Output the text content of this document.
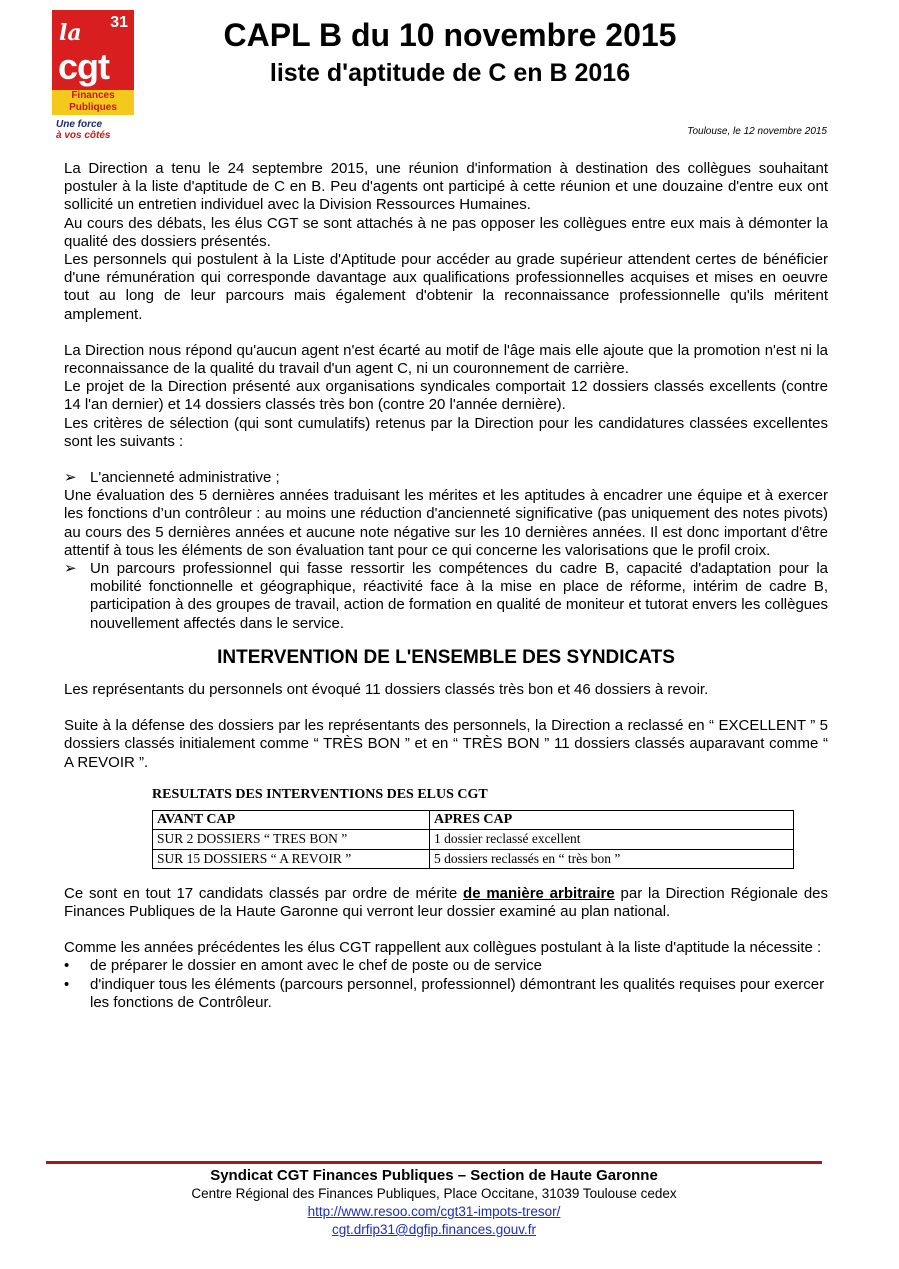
la 31
cgt
Finances
Publiques
Une force
à vos côtés
CAPL B du 10 novembre 2015
liste d'aptitude de C en B 2016
Toulouse, le 12 novembre 2015

La Direction a tenu le 24 septembre 2015, une réunion d'information à destination des collègues souhaitant postuler à la liste d'aptitude de C en B. Peu d'agents ont participé à cette réunion et une douzaine d'entre eux ont sollicité un entretien individuel avec la Division Ressources Humaines.

Au cours des débats, les élus CGT se sont attachés à ne pas opposer les collègues entre eux mais à démonter la qualité des dossiers présentés.

Les personnels qui postulent à la Liste d'Aptitude pour accéder au grade supérieur attendent certes de bénéficier d'une rémunération qui corresponde davantage aux qualifications professionnelles acquises et mises en oeuvre tout au long de leur parcours mais également d'obtenir la reconnaissance professionnelle qu'ils méritent amplement.

La Direction nous répond qu'aucun agent n'est écarté au motif de l'âge mais elle ajoute que la promotion n'est ni la reconnaissance de la qualité du travail d'un agent C, ni un couronnement de carrière.

Le projet de la Direction présenté aux organisations syndicales comportait 12 dossiers classés excellents (contre 14 l'an dernier) et 14 dossiers classés très bon (contre 20 l'année dernière).

Les critères de sélection (qui sont cumulatifs) retenus par la Direction pour les candidatures classées excellentes sont les suivants :

➢ L'ancienneté administrative ;

Une évaluation des 5 dernières années traduisant les mérites et les aptitudes à encadrer une équipe et à exercer les fonctions d’un contrôleur : au moins une réduction d'ancienneté significative (pas uniquement des notes pivots) au cours des 5 dernières années et aucune note négative sur les 10 dernières années. Il est donc important d'être attentif à tous les éléments de son évaluation tant pour ce qui concerne les valorisations que le profil croix.

➢ Un parcours professionnel qui fasse ressortir les compétences du cadre B, capacité d'adaptation pour la mobilité fonctionnelle et géographique, réactivité face à la mise en place de réforme, intérim de cadre B, participation à des groupes de travail, action de formation en qualité de moniteur et tutorat envers les collègues nouvellement affectés dans le service.
INTERVENTION DE L'ENSEMBLE DES SYNDICATS

Les représentants du personnels ont évoqué 11 dossiers classés très bon et 46 dossiers à revoir.

Suite à la défense des dossiers par les représentants des personnels, la Direction a reclassé en “ EXCELLENT ” 5 dossiers classés initialement comme “ TRÈS BON ” et en “ TRÈS BON ” 11 dossiers classés auparavant comme “ A REVOIR ”.

RESULTATS DES INTERVENTIONS DES ELUS CGT
AVANT CAP	APRES CAP
SUR 2 DOSSIERS “ TRES BON ”	1 dossier reclassé excellent
SUR 15 DOSSIERS “ A REVOIR ”	5 dossiers reclassés en “ très bon ”

Ce sont en tout 17 candidats classés par ordre de mérite de manière arbitraire par la Direction Régionale des Finances Publiques de la Haute Garonne qui verront leur dossier examiné au plan national.

Comme les années précédentes les élus CGT rappellent aux collègues postulant à la liste d'aptitude la nécessite :

•	de préparer le dossier en amont avec le chef de poste ou de service
•	d'indiquer tous les éléments (parcours personnel, professionnel) démontrant les qualités requises pour exercer les fonctions de Contrôleur.
Syndicat CGT Finances Publiques – Section de Haute Garonne
Centre Régional des Finances Publiques, Place Occitane, 31039 Toulouse cedex
http://www.resoo.com/cgt31-impots-tresor/
cgt.drfip31@dgfip.finances.gouv.fr
